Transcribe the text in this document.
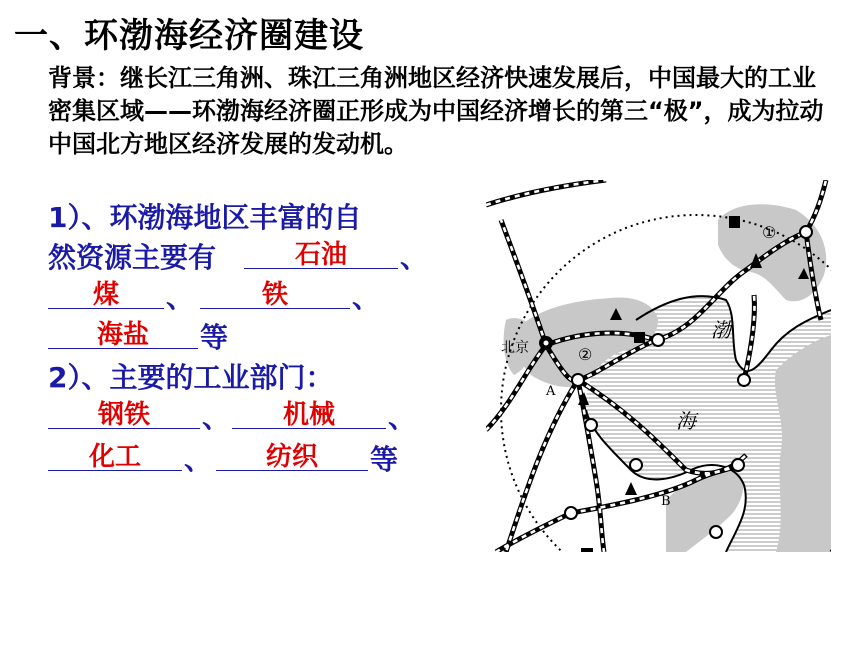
一、环渤海经济圈建设
背景：继长江三角洲、珠江三角洲地区经济快速发展后，中国最大的工业密集区域——环渤海经济圈正形成为中国经济增长的第三“极”，成为拉动中国北方地区经济发展的发动机。
1）、环渤海地区丰富的自
然资源主要有	石油	、
煤	、	铁	、
海盐	等
2）、主要的工业部门：
钢铁	、	机械	、
化工	、	纺织	等
北京
①
②
A
B
渤
海
